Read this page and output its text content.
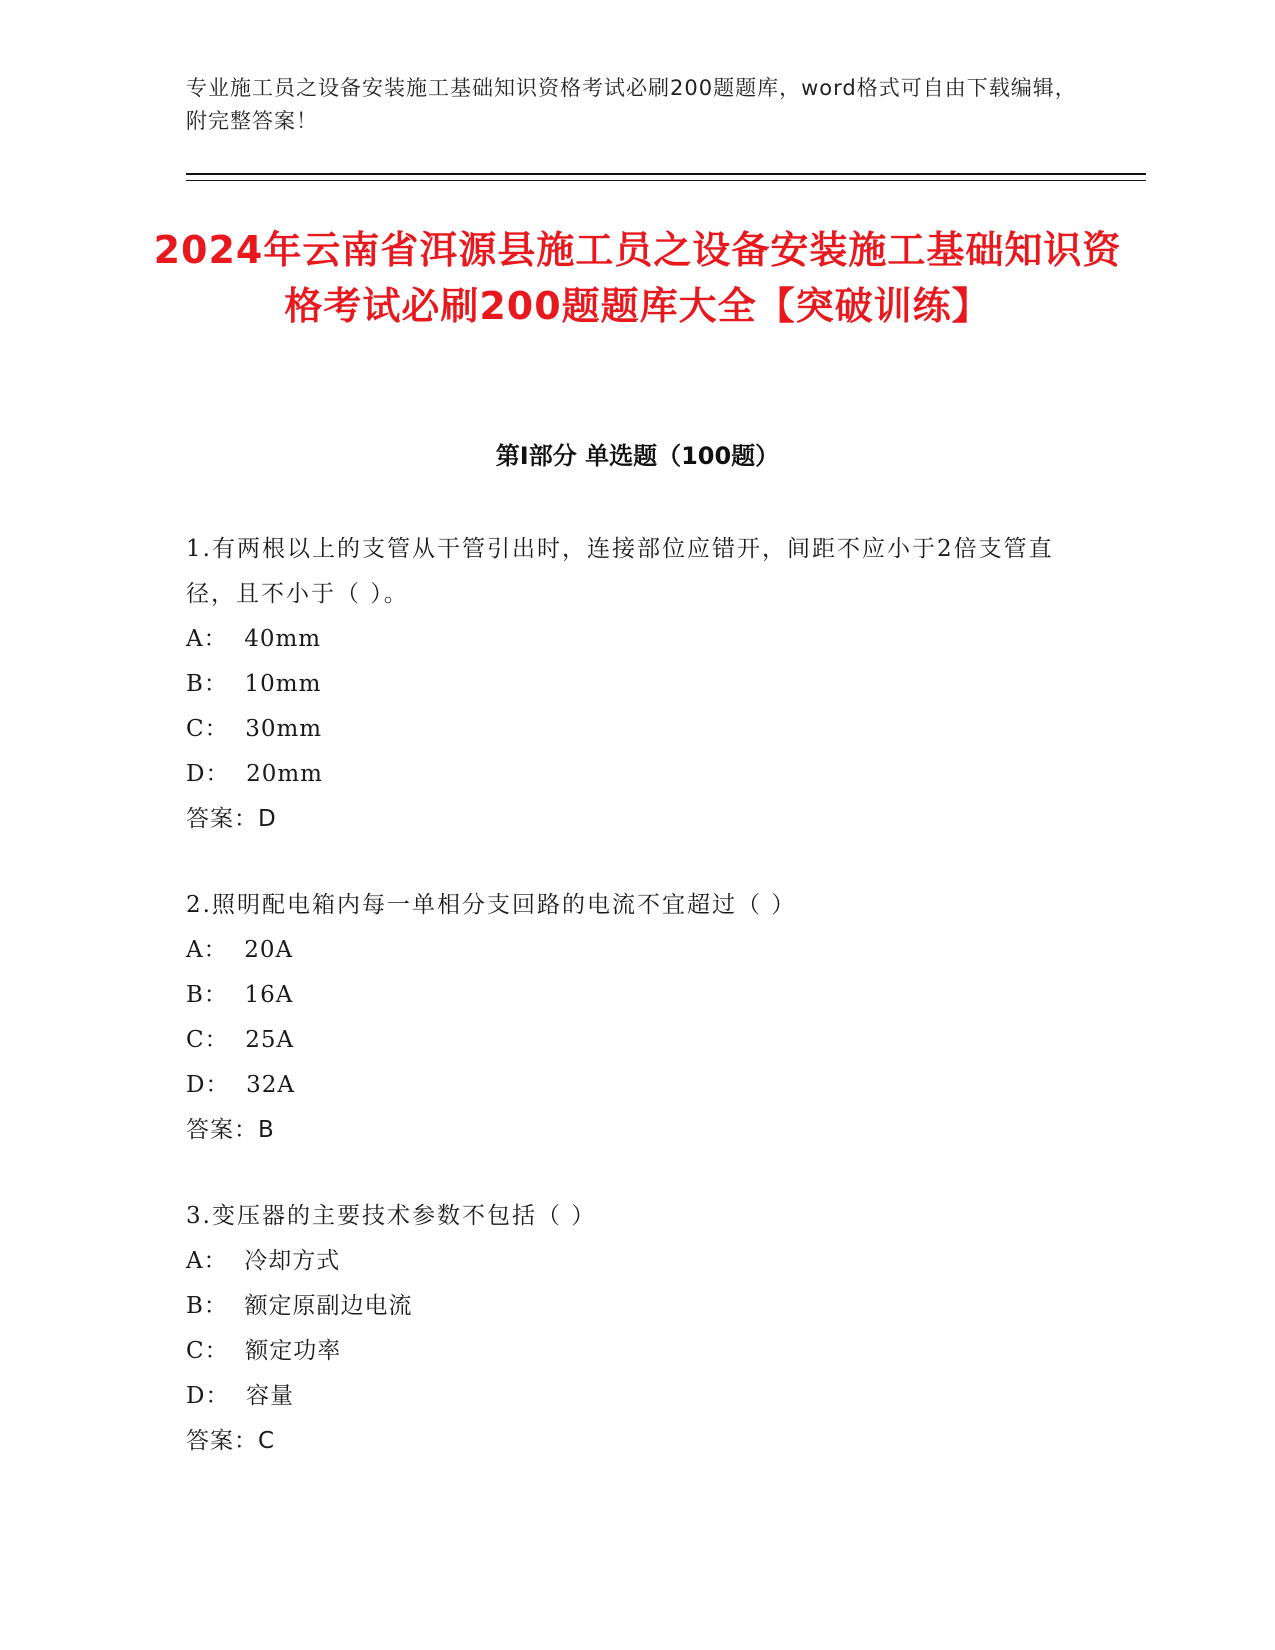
专业施工员之设备安装施工基础知识资格考试必刷200题题库，word格式可自由下载编辑，附完整答案！
2024年云南省洱源县施工员之设备安装施工基础知识资格考试必刷200题题库大全【突破训练】
第I部分 单选题（100题）
1.有两根以上的支管从干管引出时，连接部位应错开，间距不应小于2倍支管直径，且不小于（ ）。
A：  40mm
B：  10mm
C：  30mm
D：  20mm
答案：D
2.照明配电箱内每一单相分支回路的电流不宜超过（ ）
A：  20A
B：  16A
C：  25A
D：  32A
答案：B
3.变压器的主要技术参数不包括（ ）
A：  冷却方式
B：  额定原副边电流
C：  额定功率
D：  容量
答案：C
